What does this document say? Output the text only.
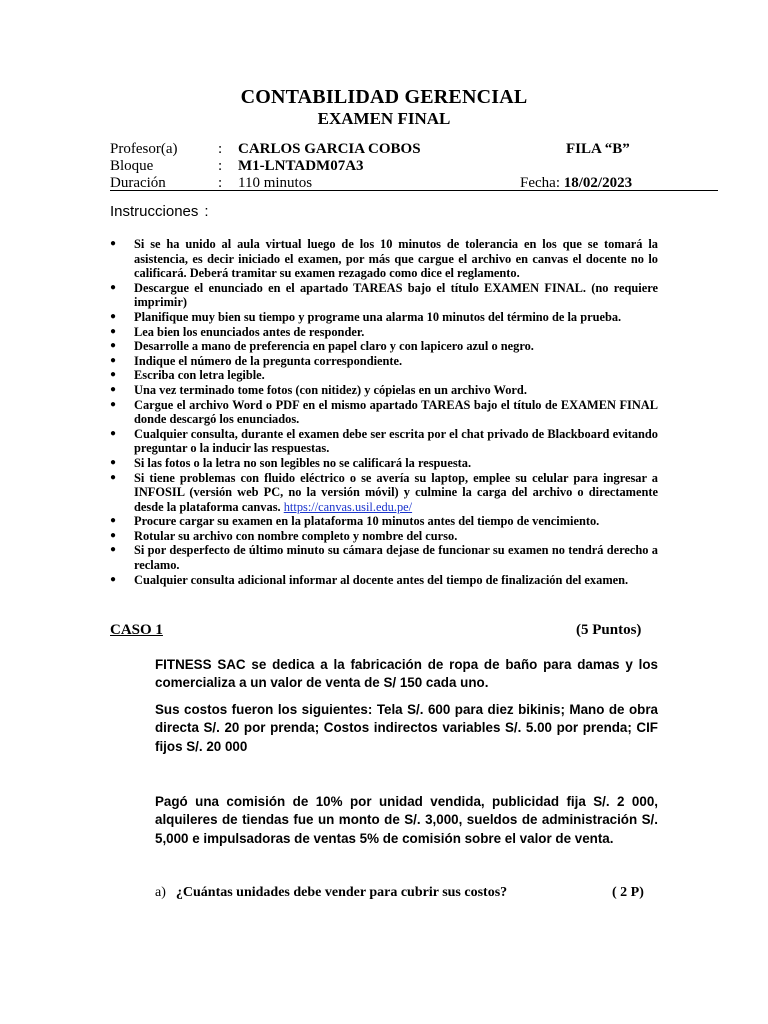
CONTABILIDAD GERENCIAL
EXAMEN FINAL
Profesor(a)	: CARLOS GARCIA COBOS	FILA “B”
Bloque	: M1-LNTADM07A3
Duración	: 110 minutos	Fecha: 18/02/2023
Instrucciones :
● Si se ha unido al aula virtual luego de los 10 minutos de tolerancia en los que se tomará la asistencia, es decir iniciado el examen, por más que cargue el archivo en canvas el docente no lo calificará. Deberá tramitar su examen rezagado como dice el reglamento.
● Descargue el enunciado en el apartado TAREAS bajo el título EXAMEN FINAL. (no requiere imprimir)
● Planifique muy bien su tiempo y programe una alarma 10 minutos del término de la prueba.
● Lea bien los enunciados antes de responder.
● Desarrolle a mano de preferencia en papel claro y con lapicero azul o negro.
● Indique el número de la pregunta correspondiente.
● Escriba con letra legible.
● Una vez terminado tome fotos (con nitidez) y cópielas en un archivo Word.
● Cargue el archivo Word o PDF en el mismo apartado TAREAS bajo el título de EXAMEN FINAL donde descargó los enunciados.
● Cualquier consulta, durante el examen debe ser escrita por el chat privado de Blackboard evitando preguntar o la inducir las respuestas.
● Si las fotos o la letra no son legibles no se calificará la respuesta.
● Si tiene problemas con fluido eléctrico o se avería su laptop, emplee su celular para ingresar a INFOSIL (versión web PC, no la versión móvil) y culmine la carga del archivo o directamente desde la plataforma canvas. https://canvas.usil.edu.pe/
● Procure cargar su examen en la plataforma 10 minutos antes del tiempo de vencimiento.
● Rotular su archivo con nombre completo y nombre del curso.
● Si por desperfecto de último minuto su cámara dejase de funcionar su examen no tendrá derecho a reclamo.
● Cualquier consulta adicional informar al docente antes del tiempo de finalización del examen.
CASO 1	(5 Puntos)
FITNESS SAC se dedica a la fabricación de ropa de baño para damas y los comercializa a un valor de venta de S/ 150 cada uno.
Sus costos fueron los siguientes: Tela S/. 600 para diez bikinis; Mano de obra directa S/. 20 por prenda; Costos indirectos variables S/. 5.00 por prenda; CIF fijos S/. 20 000
Pagó una comisión de 10% por unidad vendida, publicidad fija S/. 2 000, alquileres de tiendas fue un monto de S/. 3,000, sueldos de administración S/. 5,000 e impulsadoras de ventas 5% de comisión sobre el valor de venta.
a) ¿Cuántas unidades debe vender para cubrir sus costos?	( 2 P)
